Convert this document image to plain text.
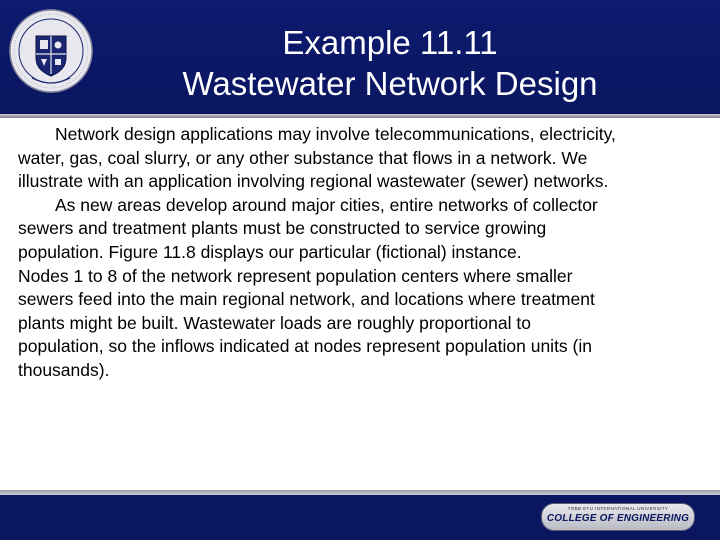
Example 11.11
Wastewater Network Design

Network design applications may involve telecommunications, electricity,

water, gas, coal slurry, or any other substance that flows in a network. We

illustrate with an application involving regional wastewater (sewer) networks.

As new areas develop around major cities, entire networks of collector

sewers and treatment plants must be constructed to service growing

population. Figure 11.8 displays our particular (fictional) instance.

Nodes 1 to 8 of the network represent population centers where smaller

sewers feed into the main regional network, and locations where treatment

plants might be built. Wastewater loads are roughly proportional to

population, so the inflows indicated at nodes represent population units (in

thousands).

TOBB ETU INTERNATIONAL UNIVERSITY
COLLEGE OF ENGINEERING
